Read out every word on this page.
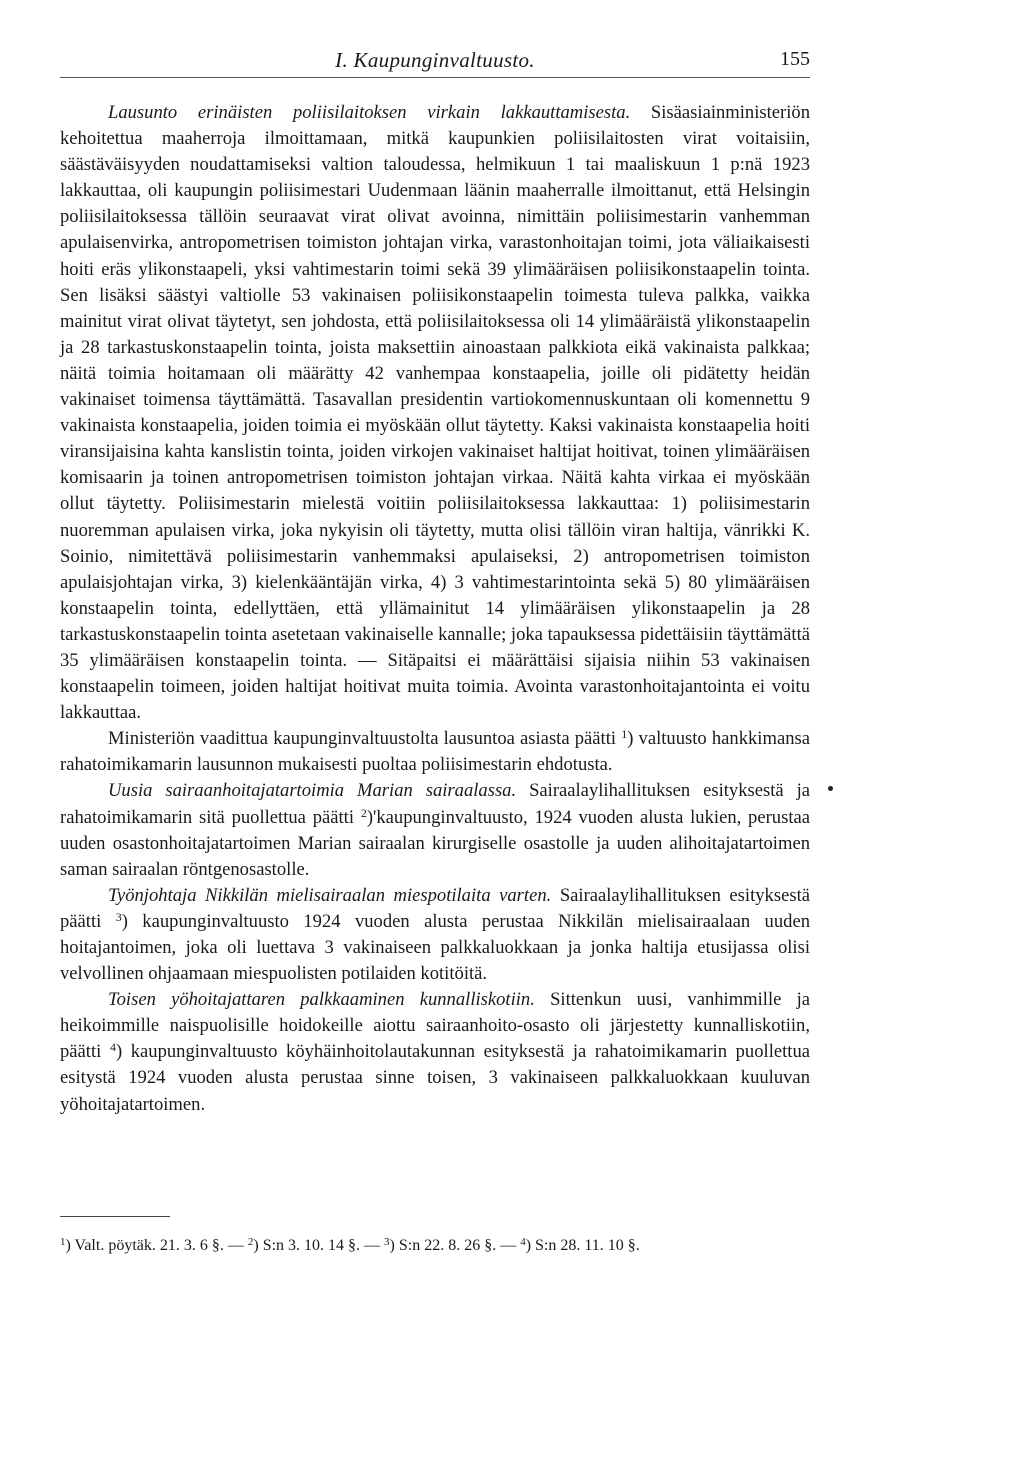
I. Kaupunginvaltuusto.	155

Lausunto erinäisten poliisilaitoksen virkain lakkauttamisesta. Sisäasiainministeriön kehoitettua maaherroja ilmoittamaan, mitkä kaupunkien poliisilaitosten virat voitaisiin, säästäväisyyden noudattamiseksi valtion taloudessa, helmikuun 1 tai maaliskuun 1 p:nä 1923 lakkauttaa, oli kaupungin poliisimestari Uudenmaan läänin maaherralle ilmoittanut, että Helsingin poliisilaitoksessa tällöin seuraavat virat olivat avoinna, nimittäin poliisimestarin vanhemman apulaisenvirka, antropometrisen toimiston johtajan virka, varastonhoitajan toimi, jota väliaikaisesti hoiti eräs ylikonstaapeli, yksi vahtimestarin toimi sekä 39 ylimääräisen poliisikonstaapelin tointa. Sen lisäksi säästyi valtiolle 53 vakinaisen poliisikonstaapelin toimesta tuleva palkka, vaikka mainitut virat olivat täytetyt, sen johdosta, että poliisilaitoksessa oli 14 ylimääräistä ylikonstaapelin ja 28 tarkastuskonstaapelin tointa, joista maksettiin ainoastaan palkkiota eikä vakinaista palkkaa; näitä toimia hoitamaan oli määrätty 42 vanhempaa konstaapelia, joille oli pidätetty heidän vakinaiset toimensa täyttämättä. Tasavallan presidentin vartiokomennuskuntaan oli komennettu 9 vakinaista konstaapelia, joiden toimia ei myöskään ollut täytetty. Kaksi vakinaista konstaapelia hoiti viransijaisina kahta kanslistin tointa, joiden virkojen vakinaiset haltijat hoitivat, toinen ylimääräisen komisaarin ja toinen antropometrisen toimiston johtajan virkaa. Näitä kahta virkaa ei myöskään ollut täytetty. Poliisimestarin mielestä voitiin poliisilaitoksessa lakkauttaa: 1) poliisimestarin nuoremman apulaisen virka, joka nykyisin oli täytetty, mutta olisi tällöin viran haltija, vänrikki K. Soinio, nimitettävä poliisimestarin vanhemmaksi apulaiseksi, 2) antropometrisen toimiston apulaisjohtajan virka, 3) kielenkääntäjän virka, 4) 3 vahtimestarintointa sekä 5) 80 ylimääräisen konstaapelin tointa, edellyttäen, että yllämainitut 14 ylimääräisen ylikonstaapelin ja 28 tarkastuskonstaapelin tointa asetetaan vakinaiselle kannalle; joka tapauksessa pidettäisiin täyttämättä 35 ylimääräisen konstaapelin tointa. — Sitäpaitsi ei määrättäisi sijaisia niihin 53 vakinaisen konstaapelin toimeen, joiden haltijat hoitivat muita toimia. Avointa varastonhoitajantointa ei voitu lakkauttaa.

Ministeriön vaadittua kaupunginvaltuustolta lausuntoa asiasta päätti $^1$) valtuusto hankkimansa rahatoimikamarin lausunnon mukaisesti puoltaa poliisimestarin ehdotusta.

Uusia sairaanhoitajatartoimia Marian sairaalassa. Sairaalaylihallituksen esityksestä ja rahatoimikamarin sitä puollettua päätti $^2$)'kaupunginvaltuusto, 1924 vuoden alusta lukien, perustaa uuden osastonhoitajatartoimen Marian sairaalan kirurgiselle osastolle ja uuden alihoitajatartoimen saman sairaalan röntgenosastolle.

Työnjohtaja Nikkilän mielisairaalan miespotilaita varten. Sairaalaylihallituksen esityksestä päätti $^3$) kaupunginvaltuusto 1924 vuoden alusta perustaa Nikkilän mielisairaalaan uuden hoitajantoimen, joka oli luettava 3 vakinaiseen palkkaluokkaan ja jonka haltija etusijassa olisi velvollinen ohjaamaan miespuolisten potilaiden kotitöitä.

Toisen yöhoitajattaren palkkaaminen kunnalliskotiin. Sittenkun uusi, vanhimmille ja heikoimmille naispuolisille hoidokeille aiottu sairaanhoito-osasto oli järjestetty kunnalliskotiin, päätti $^4$) kaupunginvaltuusto köyhäinhoitolautakunnan esityksestä ja rahatoimikamarin puollettua esitystä 1924 vuoden alusta perustaa sinne toisen, 3 vakinaiseen palkkaluokkaan kuuluvan yöhoitajatartoimen.

$^1$) Valt. pöytäk. 21. 3. 6 §. — $^2$) S:n 3. 10. 14 §. — $^3$) S:n 22. 8. 26 §. — $^4$) S:n 28. 11. 10 §.
